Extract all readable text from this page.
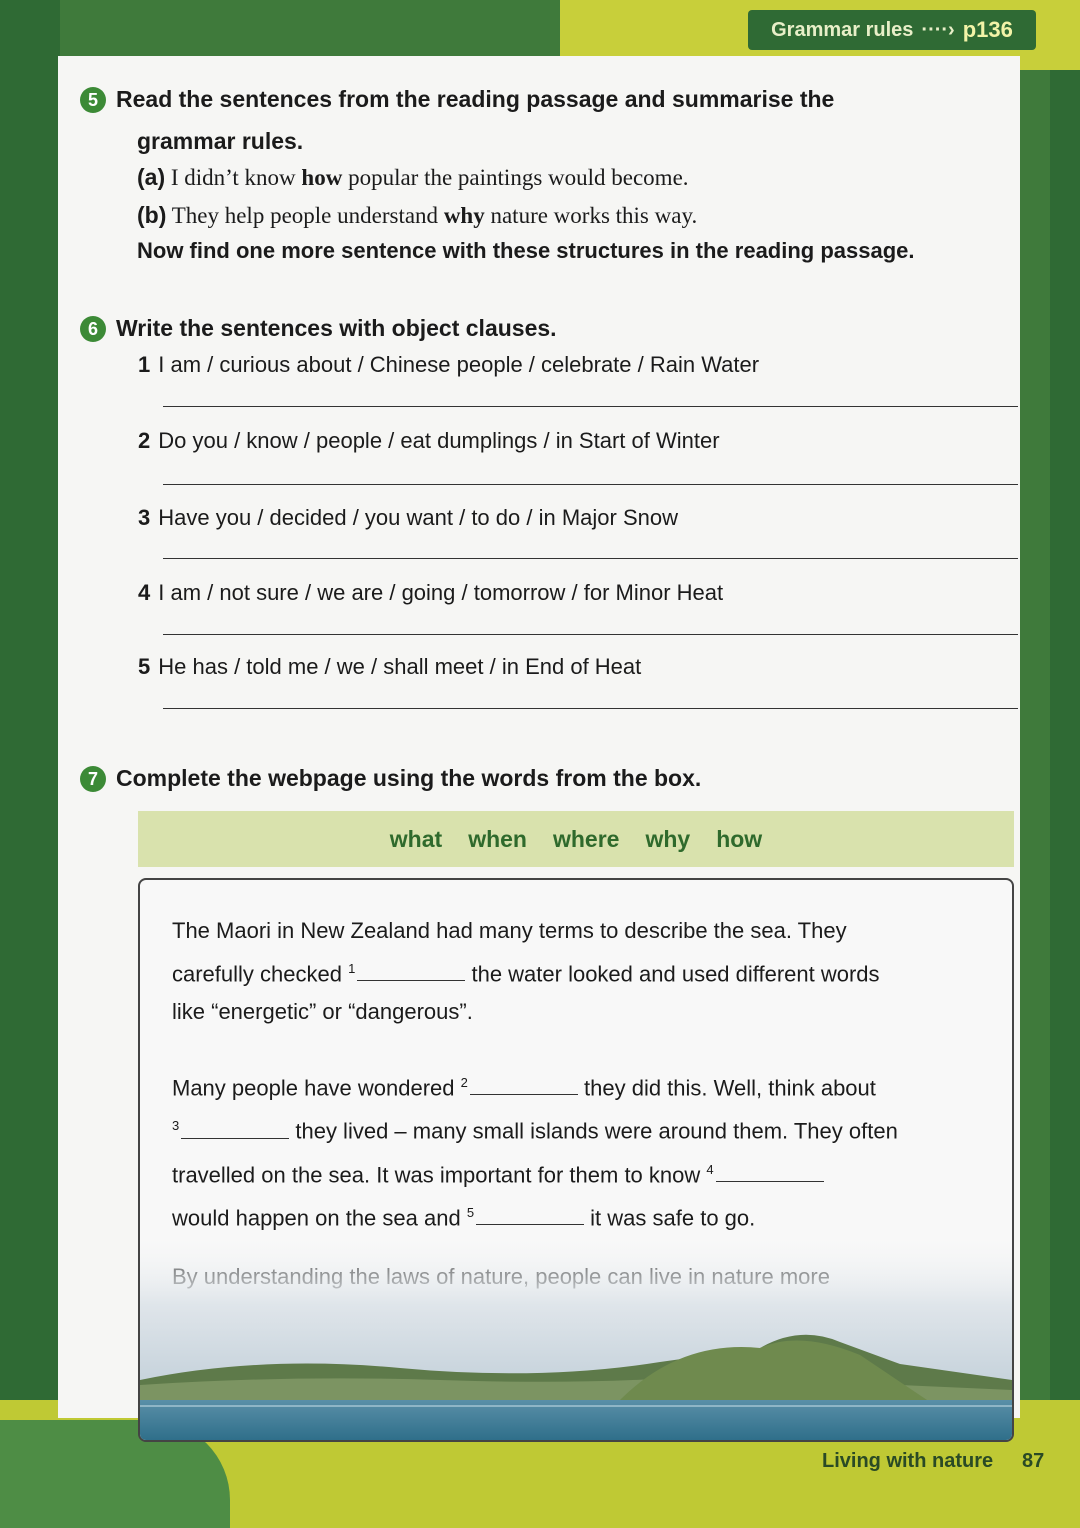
Grammar rules ····› p136
5 Read the sentences from the reading passage and summarise the
grammar rules.
(a) I didn’t know how popular the paintings would become.
(b) They help people understand why nature works this way.
Now find one more sentence with these structures in the reading passage.
6 Write the sentences with object clauses.
1 I am / curious about / Chinese people / celebrate / Rain Water
2 Do you / know / people / eat dumplings / in Start of Winter
3 Have you / decided / you want / to do / in Major Snow
4 I am / not sure / we are / going / tomorrow / for Minor Heat
5 He has / told me / we / shall meet / in End of Heat
7 Complete the webpage using the words from the box.
what when where why how
The Maori in New Zealand had many terms to describe the sea. They
carefully checked $^1$	the water looked and used different words
like “energetic” or “dangerous”.
Many people have wondered $^2$	they did this. Well, think about
$^3$	they lived – many small islands were around them. They often
travelled on the sea. It was important for them to know $^4$
would happen on the sea and $^5$	it was safe to go.

Living with nature 87
